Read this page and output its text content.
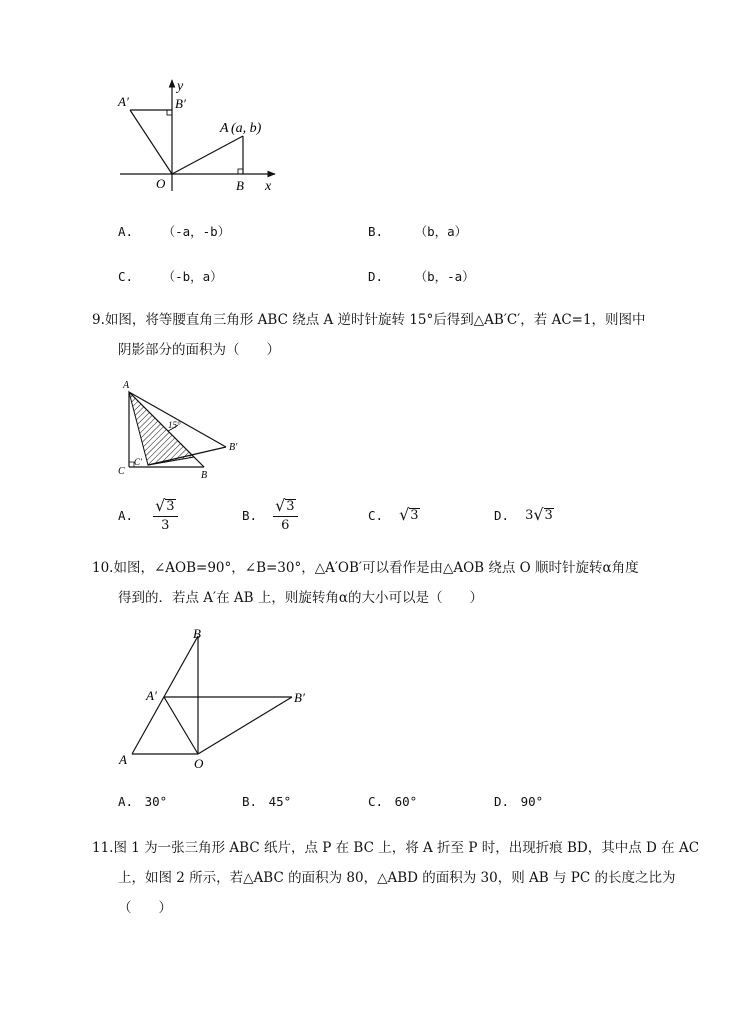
y
x
O
A′	B′
A (a, b)
B
A. （-a，-b）	B.	（b，a）
C. （-b，a）	D.	（b，-a）
9.如图，将等腰直角三角形 ABC 绕点 A 逆时针旋转 15°后得到△AB′C′，若 AC=1，则图中
阴影部分的面积为（　　）
A
15°
B′
C′
C	B
A. $\frac{√ 3}{3}$	B. $\frac{√ 3}{6}$	C. √ 3	D. 3 √ 3
10.如图，∠AOB=90°，∠B=30°，△A′OB′可以看作是由△AOB 绕点 O 顺时针旋转α角度
得到的．若点 A′在 AB 上，则旋转角α的大小可以是（　　）
B
A′	B′
A	O
A. 30°	B. 45°	C. 60°	D. 90°
11.图 1 为一张三角形 ABC 纸片，点 P 在 BC 上，将 A 折至 P 时，出现折痕 BD，其中点 D 在 AC
上，如图 2 所示，若△ABC 的面积为 80，△ABD 的面积为 30，则 AB 与 PC 的长度之比为
（　　）
